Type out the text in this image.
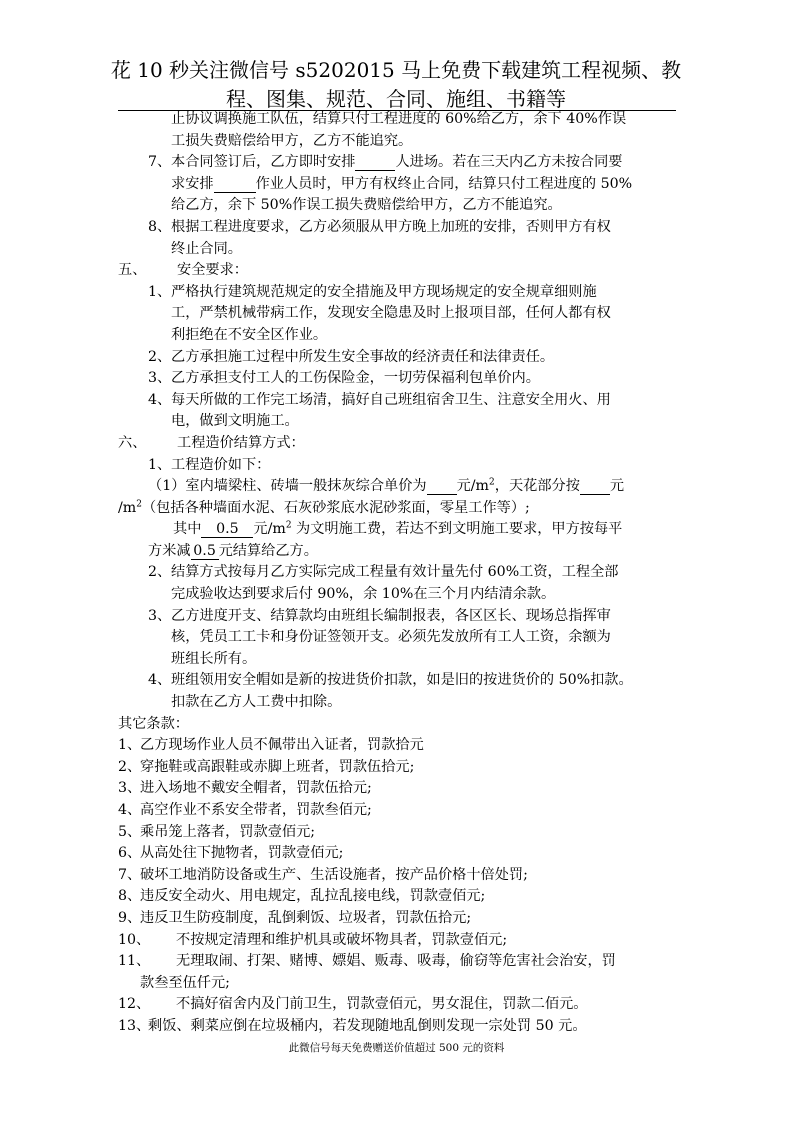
花 10 秒关注微信号 s5202015 马上免费下载建筑工程视频、教
程、图集、规范、合同、施组、书籍等

止协议调换施工队伍，结算只付工程进度的 60%给乙方，余下 40%作误

工损失费赔偿给甲方，乙方不能追究。

7、 本合同签订后，乙方即时安排	人进场。若在三天内乙方未按合同要

求安排	作业人员时，甲方有权终止合同，结算只付工程进度的 50%

给乙方，余下 50%作误工损失费赔偿给甲方，乙方不能追究。

8、 根据工程进度要求，乙方必须服从甲方晚上加班的安排，否则甲方有权

终止合同。

五、 安全要求：

1、 严格执行建筑规范规定的安全措施及甲方现场规定的安全规章细则施

工，严禁机械带病工作，发现安全隐患及时上报项目部，任何人都有权

利拒绝在不安全区作业。

2、 乙方承担施工过程中所发生安全事故的经济责任和法律责任。

3、 乙方承担支付工人的工伤保险金，一切劳保福利包单价内。

4、 每天所做的工作完工场清，搞好自己班组宿舍卫生、注意安全用火、用

电，做到文明施工。

六、 工程造价结算方式：

1、 工程造价如下：

（1）室内墙梁柱、砖墙一般抹灰综合单价为 元$/m^2$，天花部分按 元

$/m^2$（包括各种墙面水泥、石灰砂浆底水泥砂浆面，零星工作等）;

其中 0.5 元$/m^2$ 为文明施工费，若达不到文明施工要求，甲方按每平

方米减 0.5 元结算给乙方。

2、 结算方式按每月乙方实际完成工程量有效计量先付 60%工资，工程全部

完成验收达到要求后付 90%，余 10%在三个月内结清余款。

3、 乙方进度开支、结算款均由班组长编制报表，各区区长、现场总指挥审

核，凭员工工卡和身份证签领开支。必须先发放所有工人工资，余额为

班组长所有。

4、 班组领用安全帽如是新的按进货价扣款，如是旧的按进货价的 50%扣款。

扣款在乙方人工费中扣除。

其它条款：

1、

乙方现场作业人员不佩带出入证者，罚款拾元

2、

穿拖鞋或高跟鞋或赤脚上班者，罚款伍拾元;

3、

进入场地不戴安全帽者，罚款伍拾元;

4、

高空作业不系安全带者，罚款叁佰元;

5、

乘吊笼上落者，罚款壹佰元;

6、

从高处往下抛物者，罚款壹佰元;

7、

破坏工地消防设备或生产、生活设施者，按产品价格十倍处罚;

8、

违反安全动火、用电规定，乱拉乱接电线，罚款壹佰元;

9、

违反卫生防疫制度，乱倒剩饭、垃圾者，罚款伍拾元;

10、 不按规定清理和维护机具或破坏物具者，罚款壹佰元;

11、 无理取闹、打架、赌博、嫖娼、贩毒、吸毒，偷窃等危害社会治安，罚

款叁至伍仟元;

12、 不搞好宿舍内及门前卫生，罚款壹佰元，男女混住，罚款二佰元。

13、

剩饭、剩菜应倒在垃圾桶内，若发现随地乱倒则发现一宗处罚 50 元。

此微信号每天免费赠送价值超过 500 元的资料
